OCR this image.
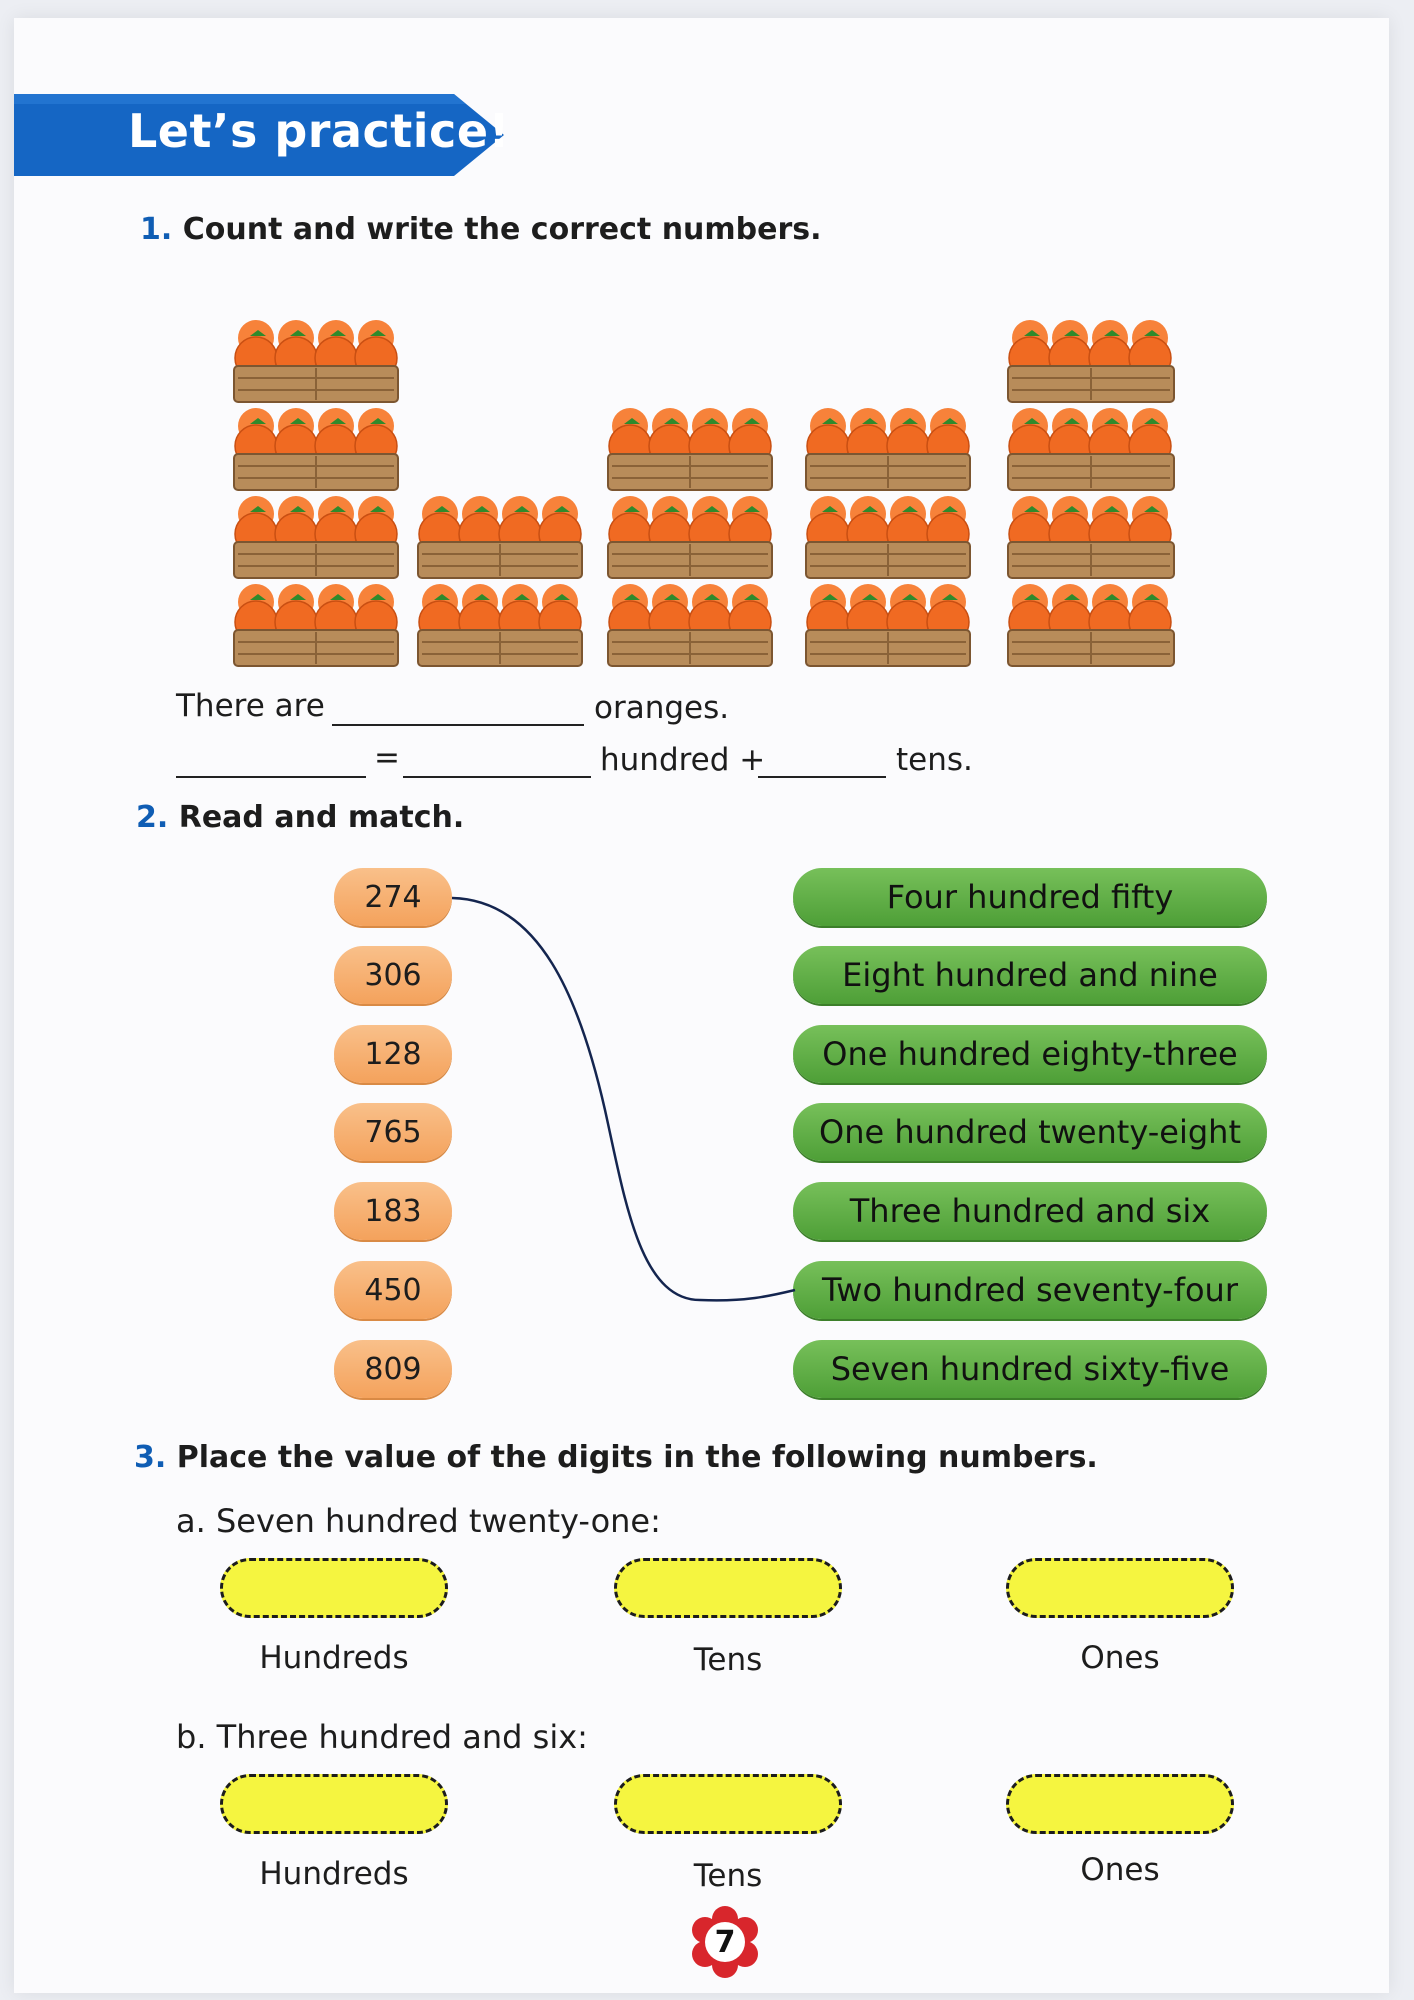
Let’s practice!
1. Count and write the correct numbers.
There are	oranges.
=	hundred +	tens.
2. Read and match.
274
306
128
765
183
450
809
Four hundred fifty
Eight hundred and nine
One hundred eighty-three
One hundred twenty-eight
Three hundred and six
Two hundred seventy-four
Seven hundred sixty-five
3. Place the value of the digits in the following numbers.
a. Seven hundred twenty-one:
Hundreds	Tens	Ones
b. Three hundred and six:
Hundreds	Tens	Ones
7
